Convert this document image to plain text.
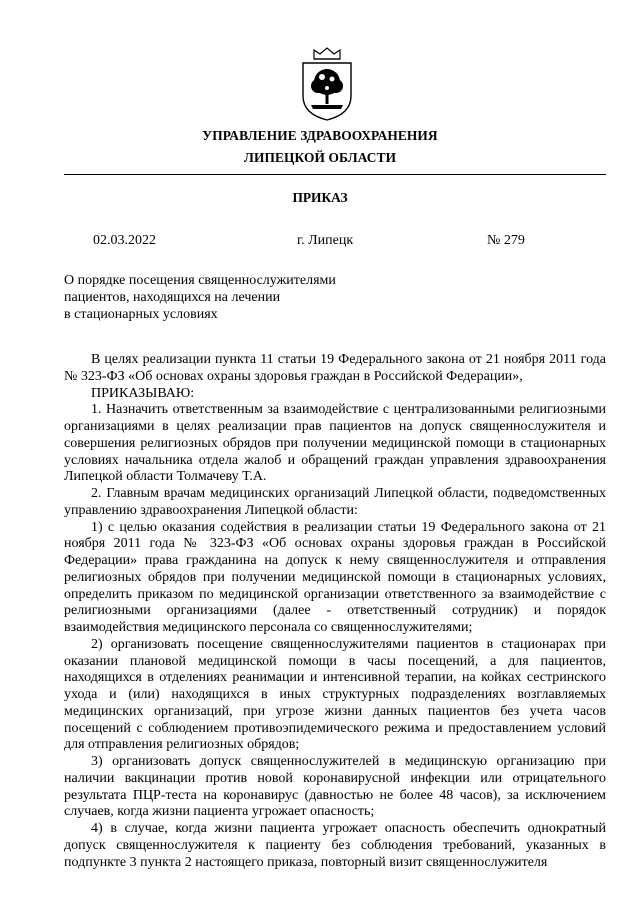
УПРАВЛЕНИЕ ЗДРАВООХРАНЕНИЯ
ЛИПЕЦКОЙ ОБЛАСТИ
ПРИКАЗ
02.03.2022	г. Липецк	№ 279
О порядке посещения священнослужителями
пациентов, находящихся на лечении
в стационарных условиях

В целях реализации пункта 11 статьи 19 Федерального закона от 21 ноября 2011 года № 323-ФЗ «Об основах охраны здоровья граждан в Российской Федерации»,

ПРИКАЗЫВАЮ:

1. Назначить ответственным за взаимодействие с централизованными религиозными организациями в целях реализации прав пациентов на допуск священнослужителя и совершения религиозных обрядов при получении медицинской помощи в стационарных условиях начальника отдела жалоб и обращений граждан управления здравоохранения Липецкой области Толмачеву Т.А.

2. Главным врачам медицинских организаций Липецкой области, подведомственных управлению здравоохранения Липецкой области:

1) с целью оказания содействия в реализации статьи 19 Федерального закона от 21 ноября 2011 года № 323-ФЗ «Об основах охраны здоровья граждан в Российской Федерации» права гражданина на допуск к нему священнослужителя и отправления религиозных обрядов при получении медицинской помощи в стационарных условиях, определить приказом по медицинской организации ответственного за взаимодействие с религиозными организациями (далее - ответственный сотрудник) и порядок взаимодействия медицинского персонала со священнослужителями;

2) организовать посещение священнослужителями пациентов в стационарах при оказании плановой медицинской помощи в часы посещений, а для пациентов, находящихся в отделениях реанимации и интенсивной терапии, на койках сестринского ухода и (или) находящихся в иных структурных подразделениях возглавляемых медицинских организаций, при угрозе жизни данных пациентов без учета часов посещений с соблюдением противоэпидемического режима и предоставлением условий для отправления религиозных обрядов;

3) организовать допуск священнослужителей в медицинскую организацию при наличии вакцинации против новой коронавирусной инфекции или отрицательного результата ПЦР-теста на коронавирус (давностью не более 48 часов), за исключением случаев, когда жизни пациента угрожает опасность;

4) в случае, когда жизни пациента угрожает опасность обеспечить однократный допуск священнослужителя к пациенту без соблюдения требований, указанных в подпункте 3 пункта 2 настоящего приказа, повторный визит священнослужителя
